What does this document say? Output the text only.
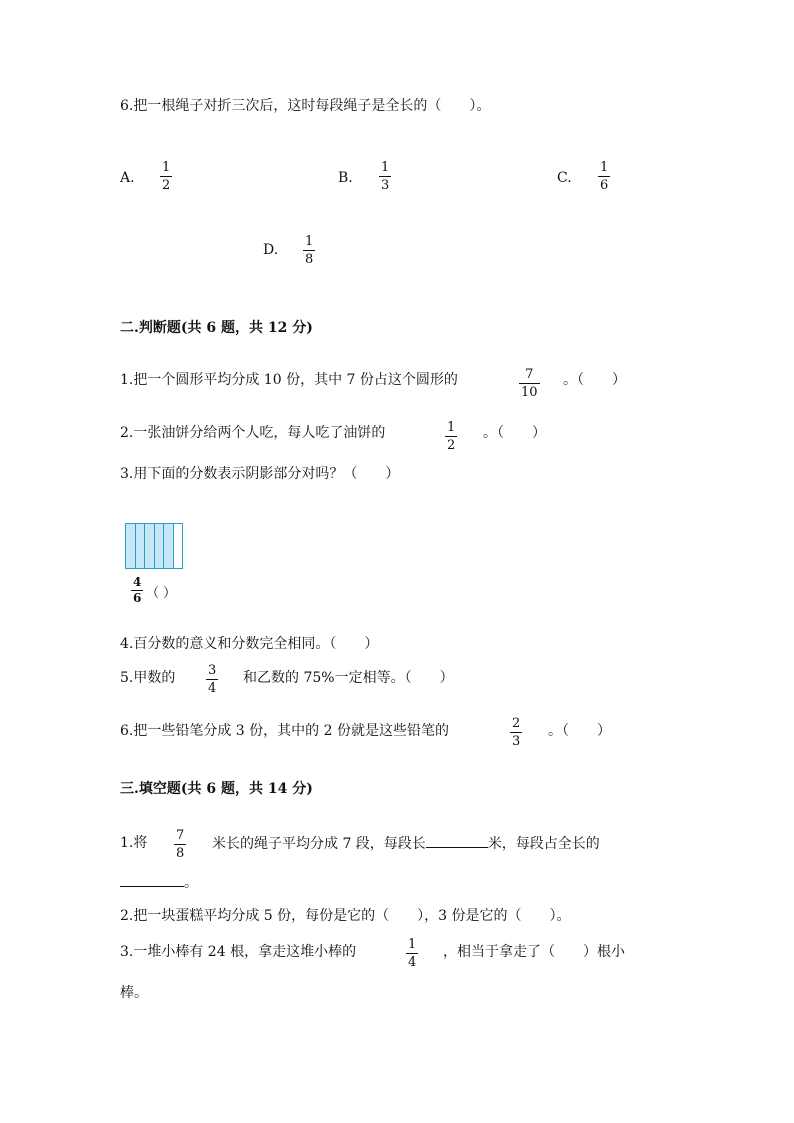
6.把一根绳子对折三次后，这时每段绳子是全长的（　　）。
A.
1
2	B.
1
3	C.
1
6
D.
1
8
二.判断题(共 6 题，共 12 分)
1.把一个圆形平均分成 10 份，其中 7 份占这个圆形的	7
10
。（　　）
2.一张油饼分给两个人吃，每人吃了油饼的	1
2
。（　　）
3.用下面的分数表示阴影部分对吗？（　　）
4
6 （ ）
4.百分数的意义和分数完全相同。（　　）
5.甲数的	3
4
和乙数的 75%一定相等。（　　）
6.把一些铅笔分成 3 份，其中的 2 份就是这些铅笔的	2
3
。（　　）
三.填空题(共 6 题，共 14 分)
1.将 7
8
米长的绳子平均分成 7 段，每段长	米，每段占全长的
。
2.把一块蛋糕平均分成 5 份，每份是它的（　　），3 份是它的（　　）。
3.一堆小棒有 24 根，拿走这堆小棒的	1
4
，相当于拿走了（　　）根小
棒。
